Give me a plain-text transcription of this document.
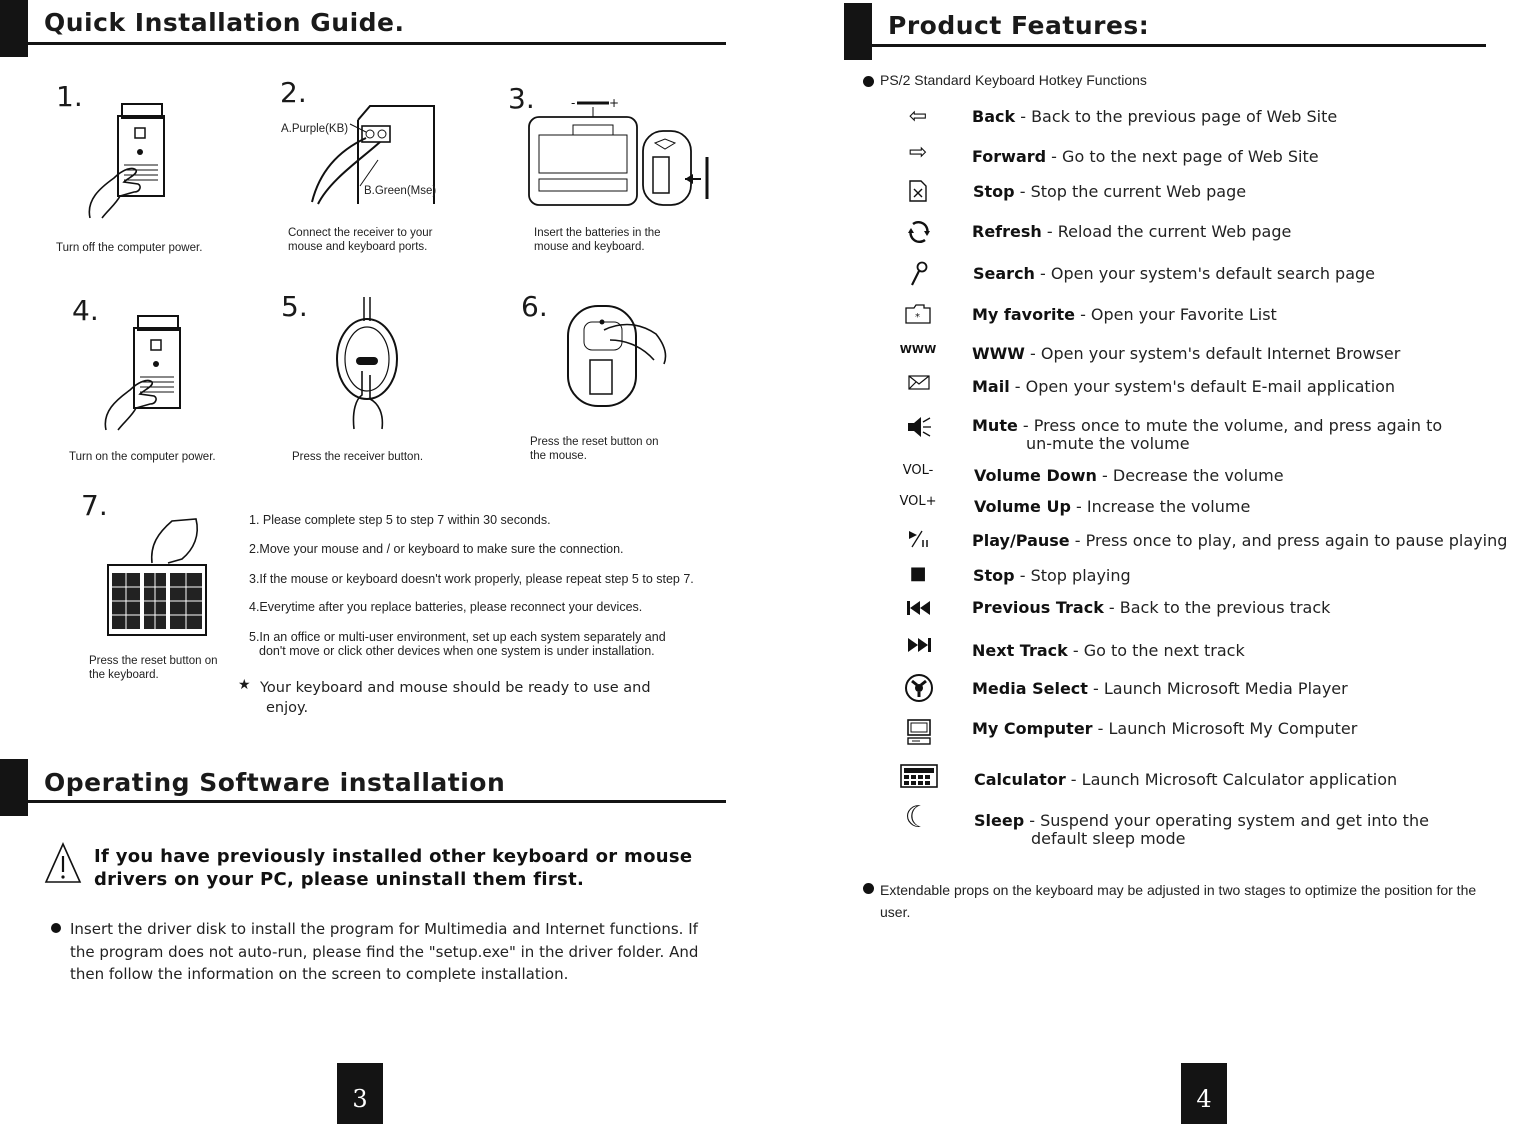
Quick Installation Guide.
1.
Turn off the computer power.
2.
A.Purple(KB)
B.Green(Mse)
Connect the receiver to your
mouse and keyboard ports.
3.	-	+
Insert the batteries in the
mouse and keyboard.
4.
Turn on the computer power.
5.
Press the receiver button.
6.
Press the reset button on
the mouse.
7.
Press the reset button on
the keyboard.
1. Please complete step 5 to step 7 within 30 seconds.
2.Move your mouse and / or keyboard to make sure the connection.
3.If the mouse or keyboard doesn't work properly, please repeat step 5 to step 7.
4.Everytime after you replace batteries, please reconnect your devices.
5.In an office or multi-user environment, set up each system separately and
don't move or click other devices when one system is under installation.
★ Your keyboard and mouse should be ready to use and
enjoy.
Operating Software installation
If you have previously installed other keyboard or mouse
drivers on your PC, please uninstall them first.
Insert the driver disk to install the program for Multimedia and Internet functions. If
the program does not auto-run, please find the "setup.exe" in the driver folder. And
then follow the information on the screen to complete installation.
3
Product Features:
PS/2 Standard Keyboard Hotkey Functions
⇦
⇨
*
WWW
VOL-
VOL+
■
☾
Back - Back to the previous page of Web Site
Forward - Go to the next page of Web Site
Stop - Stop the current Web page
Refresh - Reload the current Web page
Search - Open your system's default search page
My favorite - Open your Favorite List
WWW - Open your system's default Internet Browser
Mail - Open your system's default E-mail application
Mute - Press once to mute the volume, and press again to
un-mute the volume
Volume Down - Decrease the volume
Volume Up - Increase the volume
Play/Pause - Press once to play, and press again to pause playing
Stop - Stop playing
Previous Track - Back to the previous track
Next Track - Go to the next track
Media Select - Launch Microsoft Media Player
My Computer - Launch Microsoft My Computer
Calculator - Launch Microsoft Calculator application
Sleep - Suspend your operating system and get into the
default sleep mode
Extendable props on the keyboard may be adjusted in two stages to optimize the position for the
user.
4
